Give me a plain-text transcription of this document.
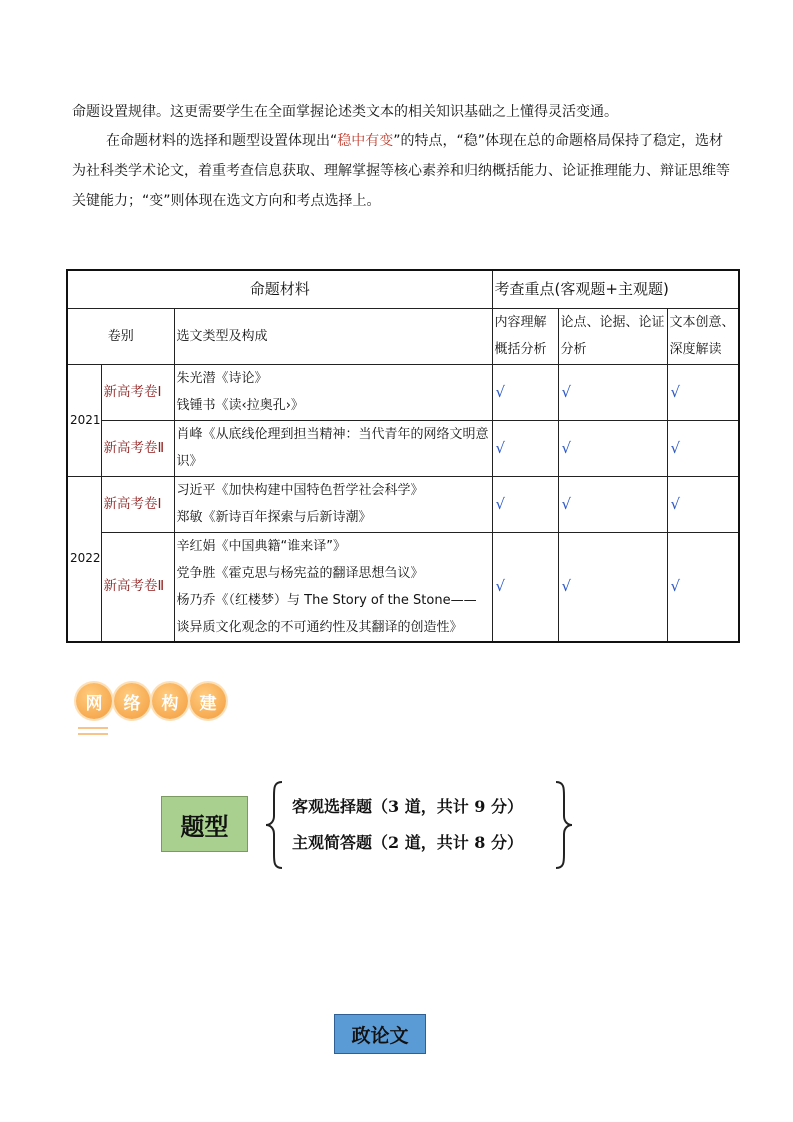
命题设置规律。这更需要学生在全面掌握论述类文本的相关知识基础之上懂得灵活变通。

在命题材料的选择和题型设置体现出“稳中有变”的特点，“稳”体现在总的命题格局保持了稳定，选材为社科类学术论文，着重考查信息获取、理解掌握等核心素养和归纳概括能力、论证推理能力、辩证思维等关键能力；“变”则体现在选文方向和考点选择上。

命题材料			考查重点(客观题+主观题)		
卷别		选文类型及构成	内容理解概括分析	论点、论据、论证分析	文本创意、深度解读
2021	新高考卷Ⅰ	朱光潜《诗论》
钱锺书《读‹拉奥孔›》	√	√	√
	新高考卷Ⅱ	肖峰《从底线伦理到担当精神：当代青年的网络文明意识》	√	√	√
2022	新高考卷Ⅰ	习近平《加快构建中国特色哲学社会科学》
郑敏《新诗百年探索与后新诗潮》	√	√	√
	新高考卷Ⅱ	辛红娟《中国典籍“谁来译”》
党争胜《霍克思与杨宪益的翻译思想刍议》
杨乃乔《（红楼梦）与 The Story of the Stone——谈异质文化观念的不可通约性及其翻译的创造性》	√	√	√
网	络	构	建
题型
客观选择题（3 道，共计 9 分）
主观简答题（2 道，共计 8 分）
政论文
